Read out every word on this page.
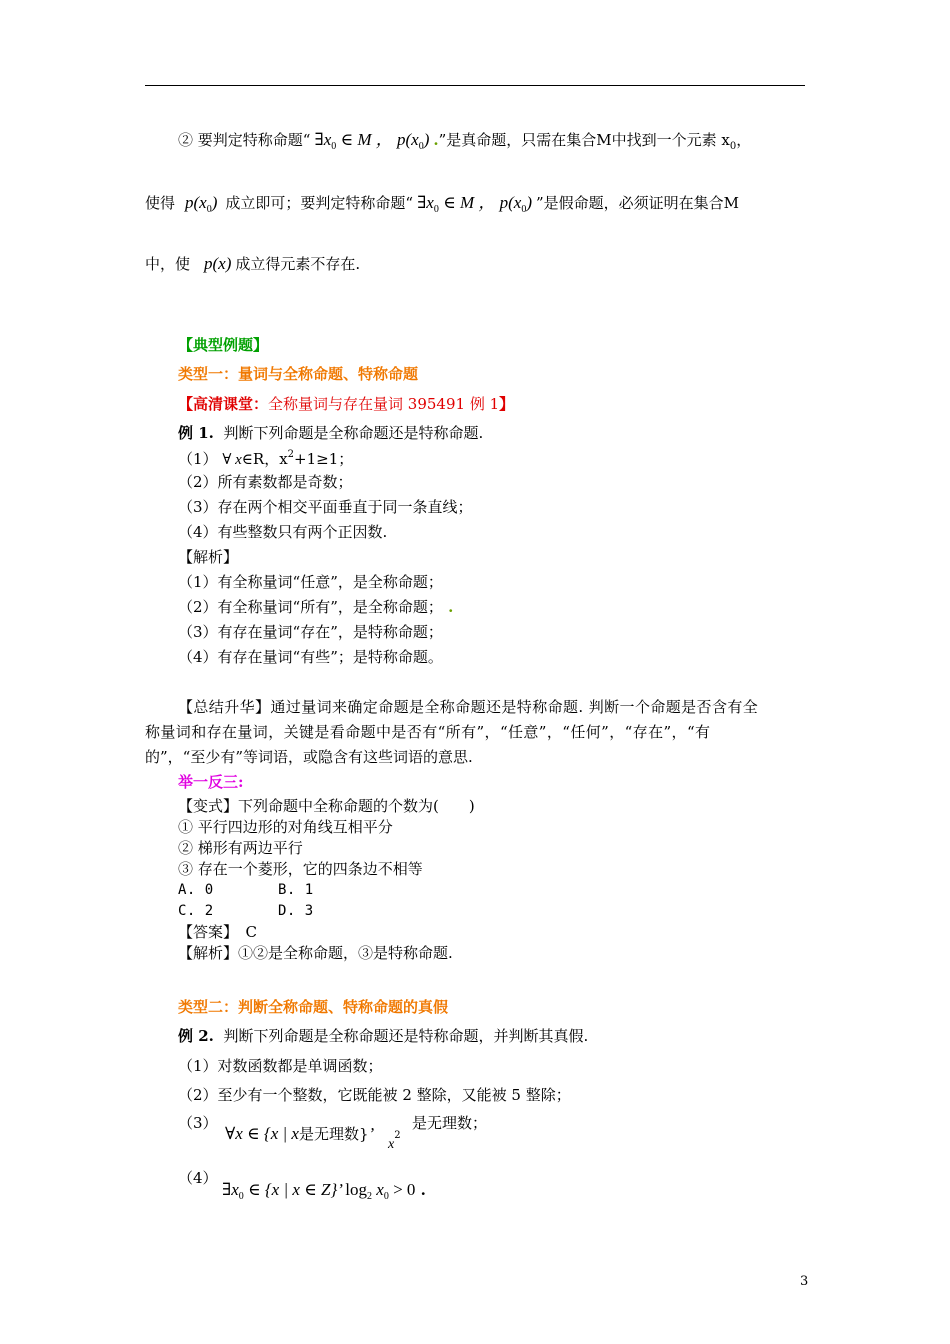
② 要判定特称命题“ $\exists x_0$ ∈ M ， $p(x_0)$ .”是真命题，只需在集合M中找到一个元素 $x_0$，
使得 $p(x_0)$ 成立即可；要判定特称命题“ $\exists x_0$ ∈ M ， $p(x_0)$ ”是假命题，必须证明在集合M
中，使 p(x) 成立得元素不存在.
【典型例题】
类型一：量词与全称命题、特称命题
【高清课堂：全称量词与存在量词 395491 例 1】
例 1. 判断下列命题是全称命题还是特称命题.
（1） ∀ x∈R，$x^2+1\ge 1$；
（2）所有素数都是奇数；
（3）存在两个相交平面垂直于同一条直线；
（4）有些整数只有两个正因数.
【解析】
（1）有全称量词“任意”，是全称命题；
（2）有全称量词“所有”，是全称命题； .
（3）有存在量词“存在”，是特称命题；
（4）有存在量词“有些”；是特称命题。
【总结升华】通过量词来确定命题是全称命题还是特称命题. 判断一个命题是否含有全
称量词和存在量词，关键是看命题中是否有“所有”，“任意”，“任何”，“存在”，“有
的”，“至少有”等词语，或隐含有这些词语的意思.
举一反三:
【变式】下列命题中全称命题的个数为(　　)
① 平行四边形的对角线互相平分
② 梯形有两边平行
③ 存在一个菱形，它的四条边不相等
A. 0	B. 1
C. 2	D. 3
【答案】　C
【解析】①②是全称命题，③是特称命题.
类型二：判断全称命题、特称命题的真假
例 2. 判断下列命题是全称命题还是特称命题，并判断其真假.
（1）对数函数都是单调函数；
（2）至少有一个整数，它既能被 2 整除，又能被 5 整除；
（3）
∀x ∈ {x | x是无理数}’
$x^2$
是无理数；
（4）
$\exists x_0$ ∈ {x | x ∈ Z}’ $\log_2 x_0 > 0$ .
3
